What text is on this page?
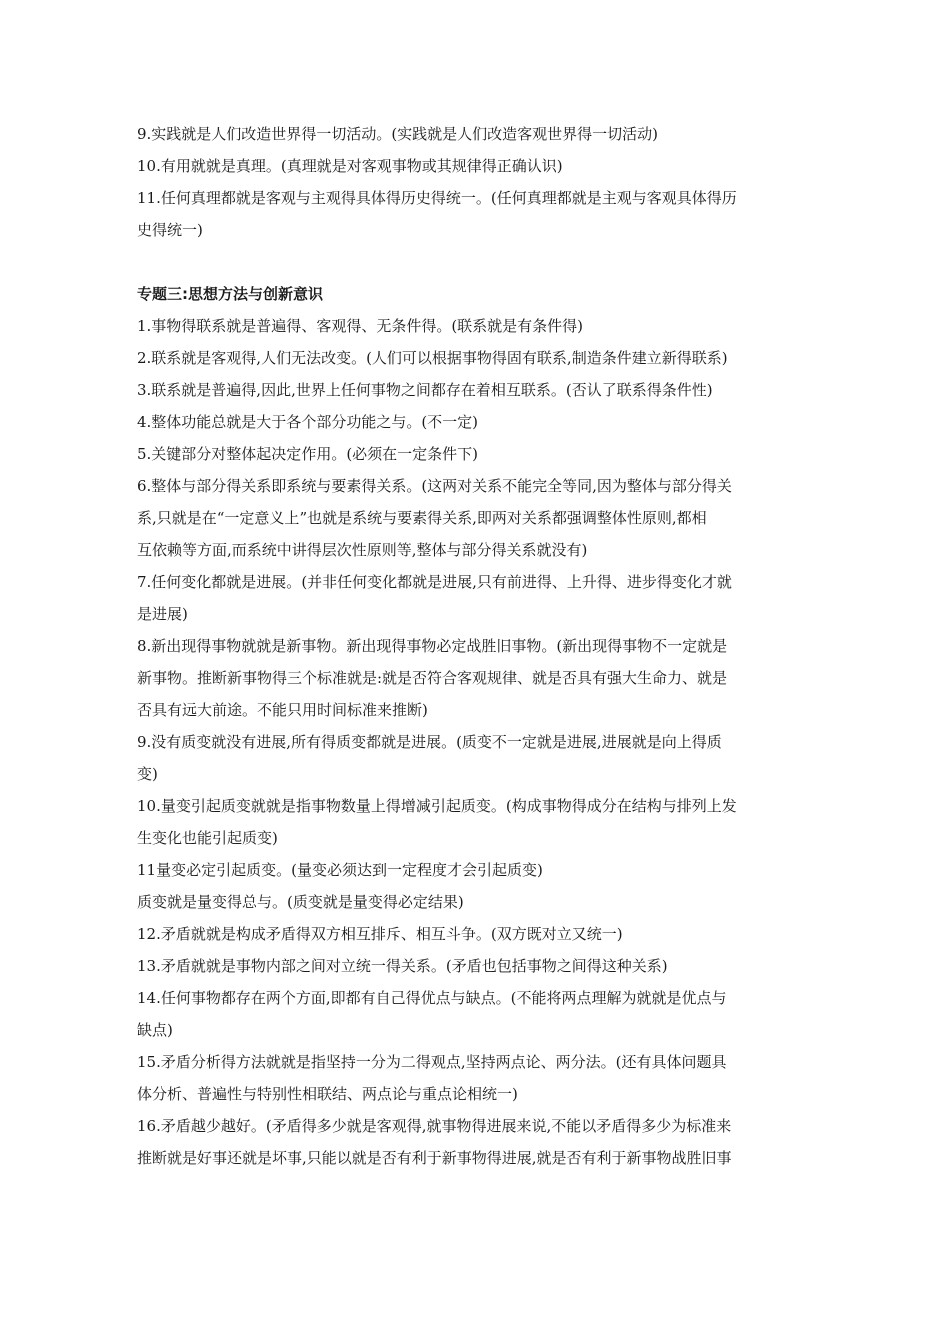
9.实践就是人们改造世界得一切活动。(实践就是人们改造客观世界得一切活动)
10.有用就就是真理。(真理就是对客观事物或其规律得正确认识)
11.任何真理都就是客观与主观得具体得历史得统一。(任何真理都就是主观与客观具体得历
史得统一)
专题三:思想方法与创新意识
1.事物得联系就是普遍得、客观得、无条件得。(联系就是有条件得)
2.联系就是客观得,人们无法改变。(人们可以根据事物得固有联系,制造条件建立新得联系)
3.联系就是普遍得,因此,世界上任何事物之间都存在着相互联系。(否认了联系得条件性)
4.整体功能总就是大于各个部分功能之与。(不一定)
5.关键部分对整体起决定作用。(必须在一定条件下)
6.整体与部分得关系即系统与要素得关系。(这两对关系不能完全等同,因为整体与部分得关
系,只就是在“一定意义上”也就是系统与要素得关系,即两对关系都强调整体性原则,都相
互依赖等方面,而系统中讲得层次性原则等,整体与部分得关系就没有)
7.任何变化都就是进展。(并非任何变化都就是进展,只有前进得、上升得、进步得变化才就
是进展)
8.新出现得事物就就是新事物。新出现得事物必定战胜旧事物。(新出现得事物不一定就是
新事物。推断新事物得三个标准就是:就是否符合客观规律、就是否具有强大生命力、就是
否具有远大前途。不能只用时间标准来推断)
9.没有质变就没有进展,所有得质变都就是进展。(质变不一定就是进展,进展就是向上得质
变)
10.量变引起质变就就是指事物数量上得增减引起质变。(构成事物得成分在结构与排列上发
生变化也能引起质变)
11量变必定引起质变。(量变必须达到一定程度才会引起质变)
质变就是量变得总与。(质变就是量变得必定结果)
12.矛盾就就是构成矛盾得双方相互排斥、相互斗争。(双方既对立又统一)
13.矛盾就就是事物内部之间对立统一得关系。(矛盾也包括事物之间得这种关系)
14.任何事物都存在两个方面,即都有自己得优点与缺点。(不能将两点理解为就就是优点与
缺点)
15.矛盾分析得方法就就是指坚持一分为二得观点,坚持两点论、两分法。(还有具体问题具
体分析、普遍性与特别性相联结、两点论与重点论相统一)
16.矛盾越少越好。(矛盾得多少就是客观得,就事物得进展来说,不能以矛盾得多少为标准来
推断就是好事还就是坏事,只能以就是否有利于新事物得进展,就是否有利于新事物战胜旧事
